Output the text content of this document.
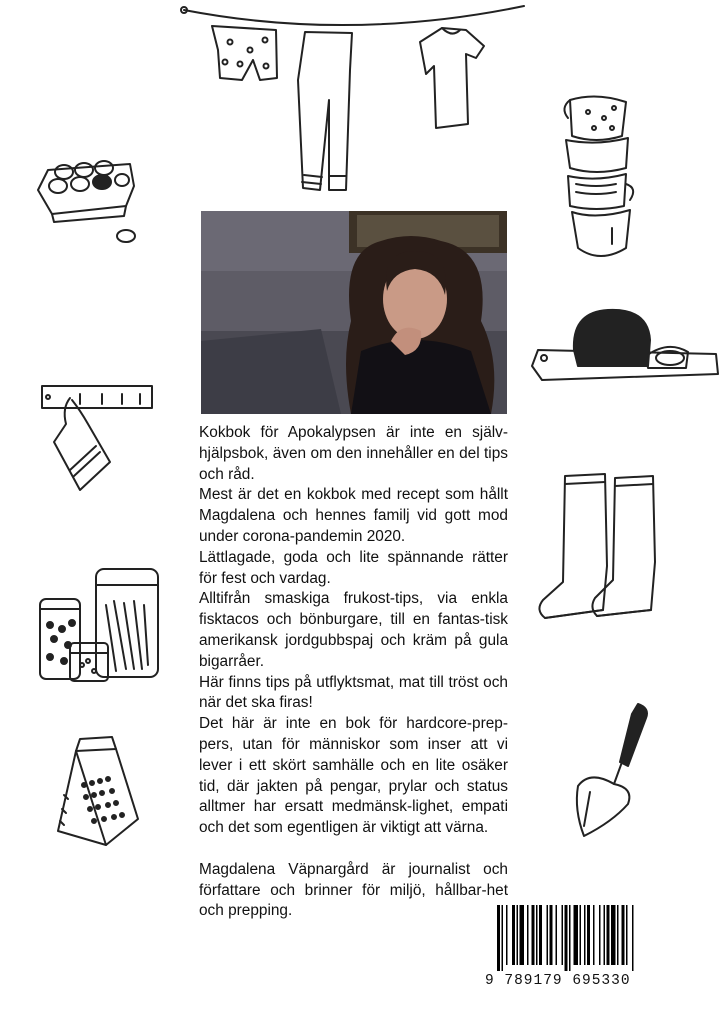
Kokbok för Apokalypsen är inte en själv-hjälpsbok, även om den innehåller en del tips och råd.

Mest är det en kokbok med recept som hållt Magdalena och hennes familj vid gott mod under corona-pandemin 2020.

Lättlagade, goda och lite spännande rätter för fest och vardag.

Alltifrån smaskiga frukost-tips, via enkla fisktacos och bönburgare, till en fantas-tisk amerikansk jordgubbspaj och kräm på gula bigarråer.

Här finns tips på utflyktsmat, mat till tröst och när det ska firas!

Det här är inte en bok för hardcore-prep-pers, utan för människor som inser att vi lever i ett skört samhälle och en lite osäker tid, där jakten på pengar, prylar och status alltmer har ersatt medmänsk-lighet, empati och det som egentligen är viktigt att värna.

Magdalena Väpnargård är journalist och författare och brinner för miljö, hållbar-het och prepping.

9 789179 695330
